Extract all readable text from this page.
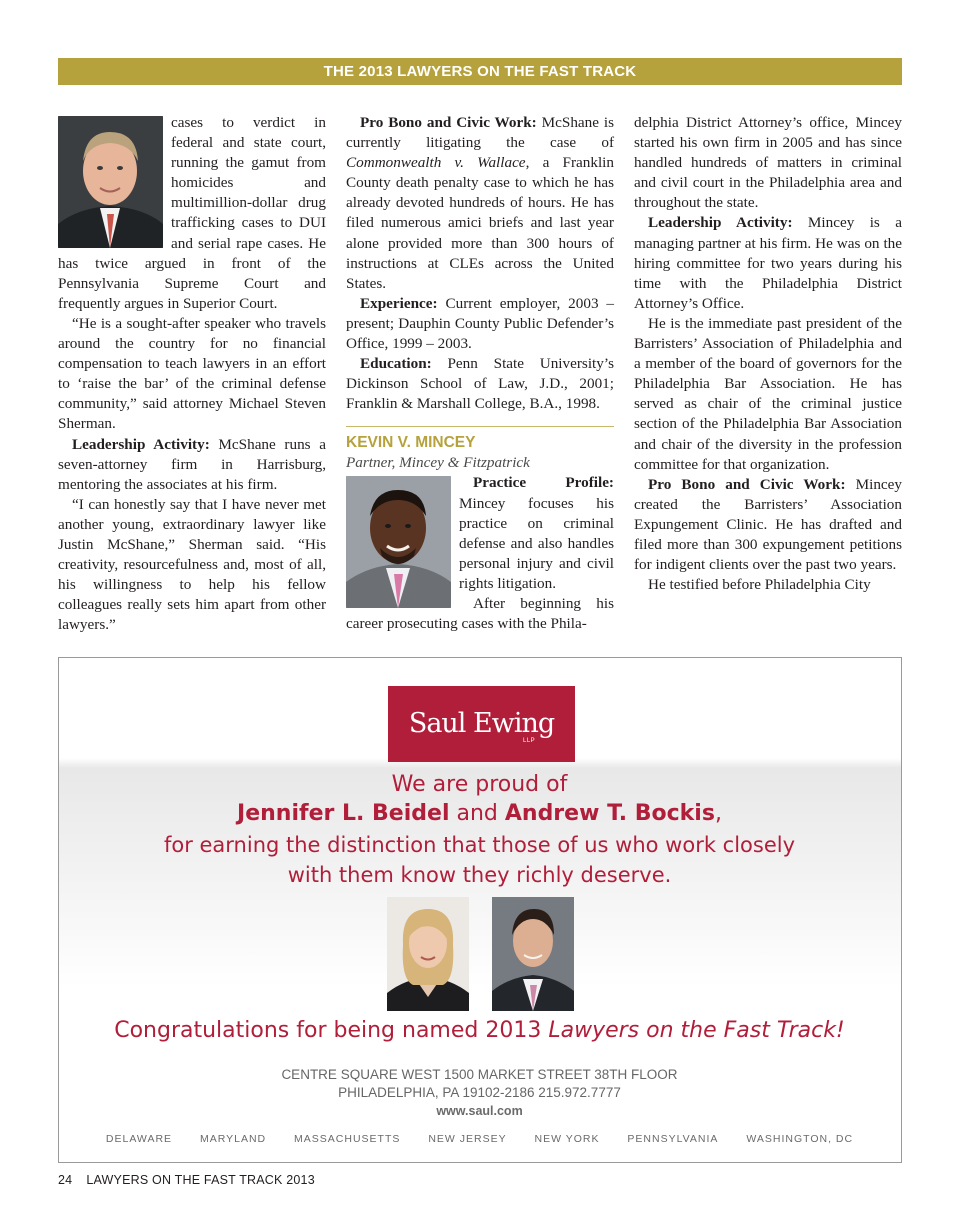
THE 2013 LAWYERS ON THE FAST TRACK

cases to verdict in federal and state court, running the gamut from homicides and multimillion-dollar drug trafficking cases to DUI and serial rape cases. He has twice argued in front of the Pennsylvania Supreme Court and frequently argues in Superior Court.

“He is a sought-after speaker who travels around the country for no financial compensation to teach lawyers in an effort to ‘raise the bar’ of the criminal defense community,” said attorney Michael Steven Sherman.

Leadership Activity: McShane runs a seven-attorney firm in Harrisburg, mentoring the associates at his firm.

“I can honestly say that I have never met another young, extraordinary lawyer like Justin McShane,” Sherman said. “His creativity, resourcefulness and, most of all, his willingness to help his fellow colleagues really sets him apart from other lawyers.”

Pro Bono and Civic Work: McShane is currently litigating the case of Commonwealth v. Wallace, a Franklin County death penalty case to which he has already devoted hundreds of hours. He has filed numerous amici briefs and last year alone provided more than 300 hours of instructions at CLEs across the United States.

Experience: Current employer, 2003 – present; Dauphin County Public Defender’s Office, 1999 – 2003.

Education: Penn State University’s Dickinson School of Law, J.D., 2001; Franklin & Marshall College, B.A., 1998.

KEVIN V. MINCEY
Partner, Mincey & Fitzpatrick

Practice Profile: Mincey focuses his practice on criminal defense and also handles personal injury and civil rights litigation.

After beginning his career prosecuting cases with the Phila-

delphia District Attorney’s office, Mincey started his own firm in 2005 and has since handled hundreds of matters in criminal and civil court in the Philadelphia area and throughout the state.

Leadership Activity: Mincey is a managing partner at his firm. He was on the hiring committee for two years during his time with the Philadelphia District Attorney’s Office.

He is the immediate past president of the Barristers’ Association of Philadelphia and a member of the board of governors for the Philadelphia Bar Association. He has served as chair of the criminal justice section of the Philadelphia Bar Association and chair of the diversity in the profession committee for that organization.

Pro Bono and Civic Work: Mincey created the Barristers’ Association Expungement Clinic. He has drafted and filed more than 300 expungement petitions for indigent clients over the past two years.

He testified before Philadelphia City

Saul Ewing
LLP
We are proud of
Jennifer L. Beidel and Andrew T. Bockis,
for earning the distinction that those of us who work closely
with them know they richly deserve.
Congratulations for being named 2013 Lawyers on the Fast Track!
CENTRE SQUARE WEST 1500 MARKET STREET 38TH FLOOR
PHILADELPHIA, PA 19102-2186 215.972.7777
www.saul.com
DELAWARE	MARYLAND	MASSACHUSETTS	NEW JERSEY	NEW YORK	PENNSYLVANIA	WASHINGTON, DC
24 LAWYERS ON THE FAST TRACK 2013
